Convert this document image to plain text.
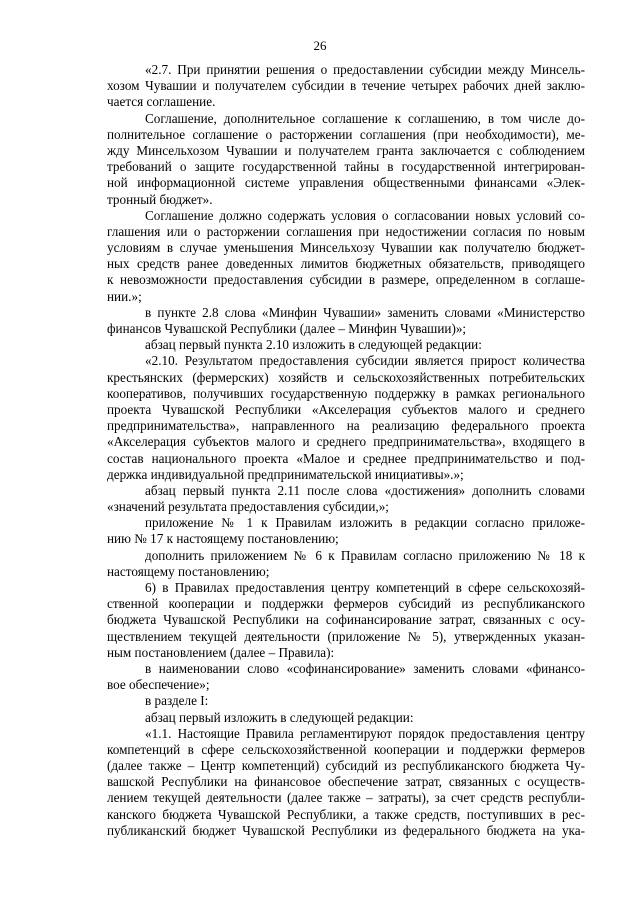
26
«2.7. При принятии решения о предоставлении субсидии между Минсель-
хозом Чувашии и получателем субсидии в течение четырех рабочих дней заклю-
чается соглашение.
Соглашение, дополнительное соглашение к соглашению, в том числе до-
полнительное соглашение о расторжении соглашения (при необходимости), ме-
жду Минсельхозом Чувашии и получателем гранта заключается с соблюдением
требований о защите государственной тайны в государственной интегрирован-
ной информационной системе управления общественными финансами «Элек-
тронный бюджет».
Соглашение должно содержать условия о согласовании новых условий со-
глашения или о расторжении соглашения при недостижении согласия по новым
условиям в случае уменьшения Минсельхозу Чувашии как получателю бюджет-
ных средств ранее доведенных лимитов бюджетных обязательств, приводящего
к невозможности предоставления субсидии в размере, определенном в соглаше-
нии.»;
в пункте 2.8 слова «Минфин Чувашии» заменить словами «Министерство
финансов Чувашской Республики (далее – Минфин Чувашии)»;
абзац первый пункта 2.10 изложить в следующей редакции:
«2.10. Результатом предоставления субсидии является прирост количества
крестьянских (фермерских) хозяйств и сельскохозяйственных потребительских
кооперативов, получивших государственную поддержку в рамках регионального
проекта Чувашской Республики «Акселерация субъектов малого и среднего
предпринимательства», направленного на реализацию федерального проекта
«Акселерация субъектов малого и среднего предпринимательства», входящего в
состав национального проекта «Малое и среднее предпринимательство и под-
держка индивидуальной предпринимательской инициативы».»;
абзац первый пункта 2.11 после слова «достижения» дополнить словами
«значений результата предоставления субсидии,»;
приложение № 1 к Правилам изложить в редакции согласно приложе-
нию № 17 к настоящему постановлению;
дополнить приложением № 6 к Правилам согласно приложению № 18 к
настоящему постановлению;
6) в Правилах предоставления центру компетенций в сфере сельскохозяй-
ственной кооперации и поддержки фермеров субсидий из республиканского
бюджета Чувашской Республики на софинансирование затрат, связанных с осу-
ществлением текущей деятельности (приложение № 5), утвержденных указан-
ным постановлением (далее – Правила):
в наименовании слово «софинансирование» заменить словами «финансо-
вое обеспечение»;
в разделе I:
абзац первый изложить в следующей редакции:
«1.1. Настоящие Правила регламентируют порядок предоставления центру
компетенций в сфере сельскохозяйственной кооперации и поддержки фермеров
(далее также – Центр компетенций) субсидий из республиканского бюджета Чу-
вашской Республики на финансовое обеспечение затрат, связанных с осуществ-
лением текущей деятельности (далее также – затраты), за счет средств республи-
канского бюджета Чувашской Республики, а также средств, поступивших в рес-
публиканский бюджет Чувашской Республики из федерального бюджета на ука-
